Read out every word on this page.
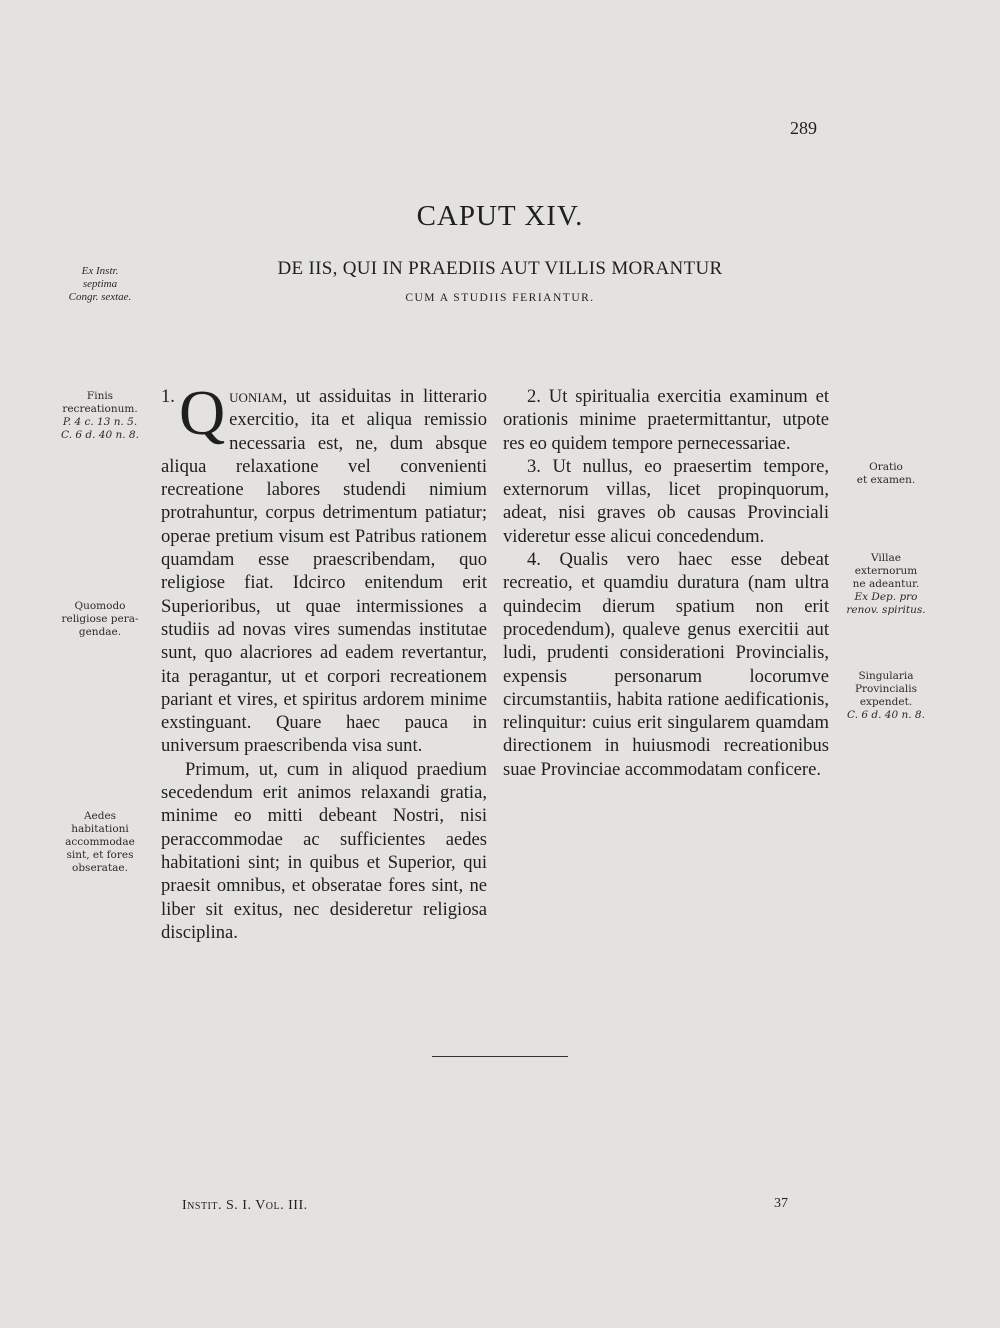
289
CAPUT XIV.
DE IIS, QUI IN PRAEDIIS AUT VILLIS MORANTUR
CUM A STUDIIS FERIANTUR.

1. Q uoniam, ut assiduitas in litterario exercitio, ita et aliqua remissio necessaria est, ne, dum absque aliqua relaxatione vel convenienti recreatione labores studendi nimium protrahuntur, corpus detrimentum patiatur; operae pretium visum est Patribus rationem quamdam esse praescribendam, quo religiose fiat. Idcirco enitendum erit Superioribus, ut quae intermissiones a studiis ad novas vires sumendas institutae sunt, quo alacriores ad eadem revertantur, ita peragantur, ut et corpori recreationem pariant et vires, et spiritus ardorem minime exstinguant. Quare haec pauca in universum praescribenda visa sunt.

Primum, ut, cum in aliquod praedium secedendum erit animos relaxandi gratia, minime eo mitti debeant Nostri, nisi peraccommodae ac sufficientes aedes habitationi sint; in quibus et Superior, qui praesit omnibus, et obseratae fores sint, ne liber sit exitus, nec desideretur religiosa disciplina.

2. Ut spiritualia exercitia examinum et orationis minime praetermittantur, utpote res eo quidem tempore pernecessariae.

3. Ut nullus, eo praesertim tempore, externorum villas, licet propinquorum, adeat, nisi graves ob causas Provinciali videretur esse alicui concedendum.

4. Qualis vero haec esse debeat recreatio, et quamdiu duratura (nam ultra quindecim dierum spatium non erit procedendum), qualeve genus exercitii aut ludi, prudenti considerationi Provincialis, expensis personarum locorumve circumstantiis, habita ratione aedificationis, relinquitur: cuius erit singularem quamdam directionem in huiusmodi recreationibus suae Provinciae accommodatam conficere.

Ex Instr.
septima
Congr. sextae.
Finis
recreationum.
P. 4 c. 13 n. 5.
C. 6 d. 40 n. 8.
Quomodo
religiose pera-
gendae.
Aedes
habitationi
accommodae
sint, et fores
obseratae.
Oratio
et examen.
Villae
externorum
ne adeantur.
Ex Dep. pro
renov. spiritus.
Singularia
Provincialis
expendet.
C. 6 d. 40 n. 8.
Instit. S. I. Vol. III.	37
